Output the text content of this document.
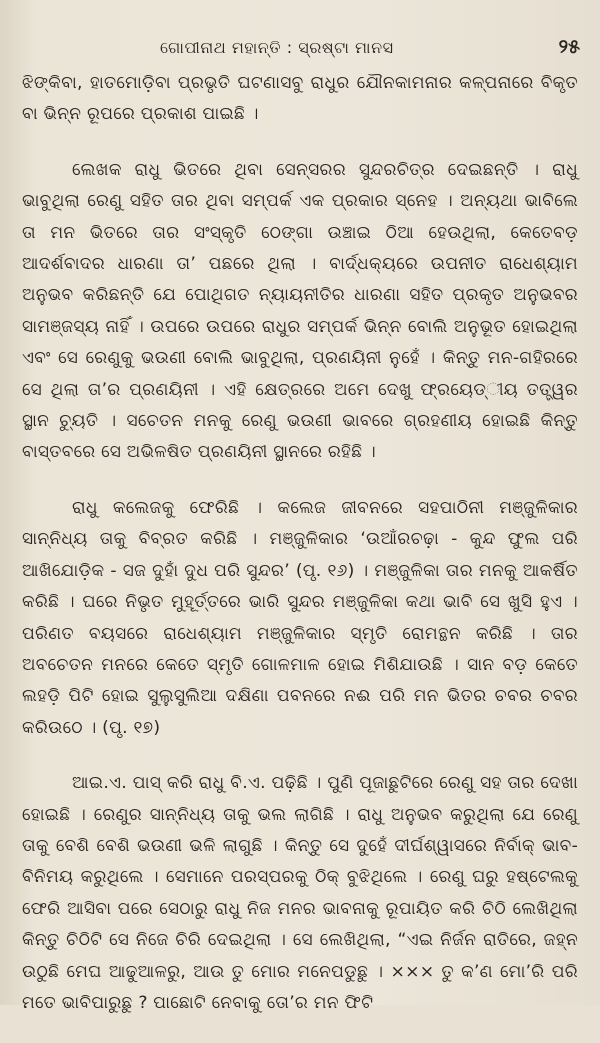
ଗୋପୀନାଥ ମହାନ୍ତି : ସ୍ରଷ୍ଟା ମାନସ	୨୫

ଝିଙ୍କିବା, ହାତମୋଡ଼ିବା ପ୍ରଭୃତି ଘଟଣାସବୁ ରାଧୁର ଯୌନକାମନାର କଳ୍ପନାରେ ବିକୃତ ବା ଭିନ୍ନ ରୂପରେ ପ୍ରକାଶ ପାଇଛି ।

ଲେଖକ ରାଧୁ ଭିତରେ ଥିବା ସେନ୍‌ସରର ସୁନ୍ଦରଚିତ୍ର ଦେଇଛନ୍ତି । ରାଧୁ ଭାବୁଥିଲା ରେଣୁ ସହିତ ତାର ଥିବା ସମ୍ପର୍କ ଏକ ପ୍ରକାର ସ୍ନେହ । ଅନ୍ୟଥା ଭାବିଲେ ତା ମନ ଭିତରେ ତାର ସଂସ୍କୃତି ଠେଙ୍ଗା ଉଞ୍ଚାଇ ଠିଆ ହେଉଥିଲା, କେତେବଡ଼ ଆଦର୍ଶବାଦର ଧାରଣା ତା’ ପଛରେ ଥିଲା । ବାର୍ଦ୍ଧକ୍ୟରେ ଉପନୀତ ରାଧେଶ୍ୟାମ ଅନୁଭବ କରିଛନ୍ତି ଯେ ପୋଥିଗତ ନ୍ୟାୟନୀତିର ଧାରଣା ସହିତ ପ୍ରକୃତ ଅନୁଭବର ସାମଞ୍ଜସ୍ୟ ନାହିଁ । ଉପରେ ଉପରେ ରାଧୁର ସମ୍ପର୍କ ଭିନ୍ନ ବୋଲି ଅନୁଭୂତ ହୋଇଥିଲା ଏବଂ ସେ ରେଣୁକୁ ଭଉଣୀ ବୋଲି ଭାବୁଥିଲା, ପ୍ରଣୟିନୀ ନୁହେଁ । କିନ୍ତୁ ମନ-ଗହିରରେ ସେ ଥିଲା ତା’ର ପ୍ରଣୟିନୀ । ଏହି କ୍ଷେତ୍ରରେ ଅମେ ଦେଖୁ ଫ୍ରୟେଡ୍‌ୀୟ ତତ୍ତ୍ୱର ସ୍ଥାନ ଚ୍ୟୁତି । ସଚେତନ ମନକୁ ରେଣୁ ଭଉଣୀ ଭାବରେ ଗ୍ରହଣୀୟ ହୋଇଛି କିନ୍ତୁ ବାସ୍ତବରେ ସେ ଅଭିଳଷିତ ପ୍ରଣୟିନୀ ସ୍ଥାନରେ ରହିଛି ।

ରାଧୁ କଲେଜକୁ ଫେରିଛି । କଲେଜ ଜୀବନରେ ସହପାଠିନୀ ମଞ୍ଜୁଳିକାର ସାନ୍ନିଧ୍ୟ ତାକୁ ବିବ୍ରତ କରିଛି । ମଞ୍ଜୁଳିକାର ‘ଉଆଁରଚଢ଼ା - କୁନ୍ଦ ଫୁଲ ପରି ଆଖିଯୋଡ଼ିକ - ସଜ ଦୁହାଁ ଦୁଧ ପରି ସୁନ୍ଦର’ (ପୃ. ୧୬) । ମଞ୍ଜୁଳିକା ତାର ମନକୁ ଆକର୍ଷିତ କରିଛି । ଘରେ ନିଭୃତ ମୁହୂର୍ତ୍ତରେ ଭାରି ସୁନ୍ଦର ମଞ୍ଜୁଳିକା କଥା ଭାବି ସେ ଖୁସି ହୁଏ । ପରିଣତ ବୟସରେ ରାଧେଶ୍ୟାମ ମଞ୍ଜୁଳିକାର ସ୍ମୃତି ରୋମନ୍ଥନ କରିଛି । ତାର ଅବଚେତନ ମନରେ କେତେ ସ୍ମୃତି ଗୋଳମାଳ ହୋଇ ମିଶିଯାଉଛି । ସାନ ବଡ଼ କେତେ ଲହଡ଼ି ପିଟି ହୋଇ ସୁଲୁସୁଲିଆ ଦକ୍ଷିଣା ପବନରେ ନଈ ପରି ମନ ଭିତର ଚବର ଚବର କରିଉଠେ । (ପୃ. ୧୭)

ଆଇ.ଏ. ପାସ୍ କରି ରାଧୁ ବି.ଏ. ପଢ଼ିଛି । ପୁଣି ପୂଜାଛୁଟିରେ ରେଣୁ ସହ ତାର ଦେଖା ହୋଇଛି । ରେଣୁର ସାନ୍ନିଧ୍ୟ ତାକୁ ଭଲ ଲାଗିଛି । ରାଧୁ ଅନୁଭବ କରୁଥିଲା ଯେ ରେଣୁ ତାକୁ ବେଶି ବେଶି ଭଉଣୀ ଭଳି ଲାଗୁଛି । କିନ୍ତୁ ସେ ଦୁହେଁ ଦୀର୍ଘଶ୍ୱାସରେ ନିର୍ବାକ୍ ଭାବ-ବିନିମୟ କରୁଥିଲେ । ସେମାନେ ପରସ୍ପରକୁ ଠିକ୍ ବୁଝିଥିଲେ । ରେଣୁ ଘରୁ ହଷ୍ଟେଲକୁ ଫେରି ଆସିବା ପରେ ସେଠାରୁ ରାଧୁ ନିଜ ମନର ଭାବନାକୁ ରୂପାୟିତ କରି ଚିଠି ଲେଖିଥିଲା କିନ୍ତୁ ଚିଠିଟି ସେ ନିଜେ ଚିରି ଦେଇଥିଲା । ସେ ଲେଖିଥିଲା, “ଏଇ ନିର୍ଜନ ରାତିରେ, ଜହ୍ନ ଉଠୁଛି ମେଘ ଆଢୁଆଳରୁ, ଆଉ ତୁ ମୋର ମନେପଡୁଛୁ । ××× ତୁ କ’ଣ ମୋ’ରି ପରି ମତେ ଭାବିପାରୁଛୁ ? ପାଛୋଟି ନେବାକୁ ତୋ’ର ମନ ଫିଟି
